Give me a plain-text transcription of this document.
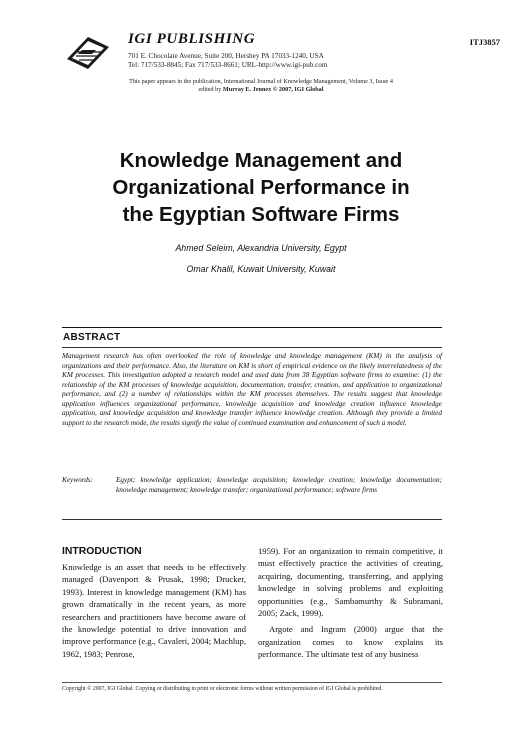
IGI PUBLISHING
701 E. Chocolate Avenue, Suite 200, Hershey PA 17033-1240, USA
Tel: 717/533-8845; Fax 717/533-8661; URL-http://www.igi-pub.com
ITJ3857
This paper appears in the publication, International Journal of Knowledge Management, Volume 3, Issue 4
edited by Murray E. Jennex © 2007, IGI Global
Knowledge Management and
Organizational Performance in
the Egyptian Software Firms
Ahmed Seleim, Alexandria University, Egypt
Omar Khalil, Kuwait University, Kuwait
ABSTRACT
Management research has often overlooked the role of knowledge and knowledge management (KM) in the analysis of organizations and their performance. Also, the literature on KM is short of empirical evidence on the likely interrelatedness of the KM processes. This investigation adopted a research model and used data from 38 Egyptian software firms to examine: (1) the relationship of the KM processes of knowledge acquisition, documentation, transfer, creation, and application to organizational performance, and (2) a number of relationships within the KM processes themselves. The results suggest that knowledge application influences organizational performance, knowledge acquisition and knowledge creation influence knowledge application, and knowledge acquisition and knowledge transfer influence knowledge creation. Although they provide a limited support to the research mode, the results signify the value of continued examination and enhancement of such a model.
Keywords:	Egypt; knowledge application; knowledge acquisition; knowledge creation; knowledge documentation; knowledge management; knowledge transfer; organizational performance; software firms
INTRODUCTION

Knowledge is an asset that needs to be effectively managed (Davenport & Prusak, 1998; Drucker, 1993). Interest in knowledge management (KM) has grown dramatically in the recent years, as more researchers and practitioners have become aware of the knowledge potential to drive innovation and improve performance (e.g., Cavaleri, 2004; Machlup, 1962, 1983; Penrose,

1959). For an organization to remain competitive, it must effectively practice the activities of creating, acquiring, documenting, transferring, and applying knowledge in solving problems and exploiting opportunities (e.g., Sambamurthy & Subramani, 2005; Zack, 1999).

Argote and Ingram (2000) argue that the organization comes to know explains its performance. The ultimate test of any business

Copyright © 2007, IGI Global. Copying or distributing in print or electronic forms without written permission of IGI Global is prohibited.
